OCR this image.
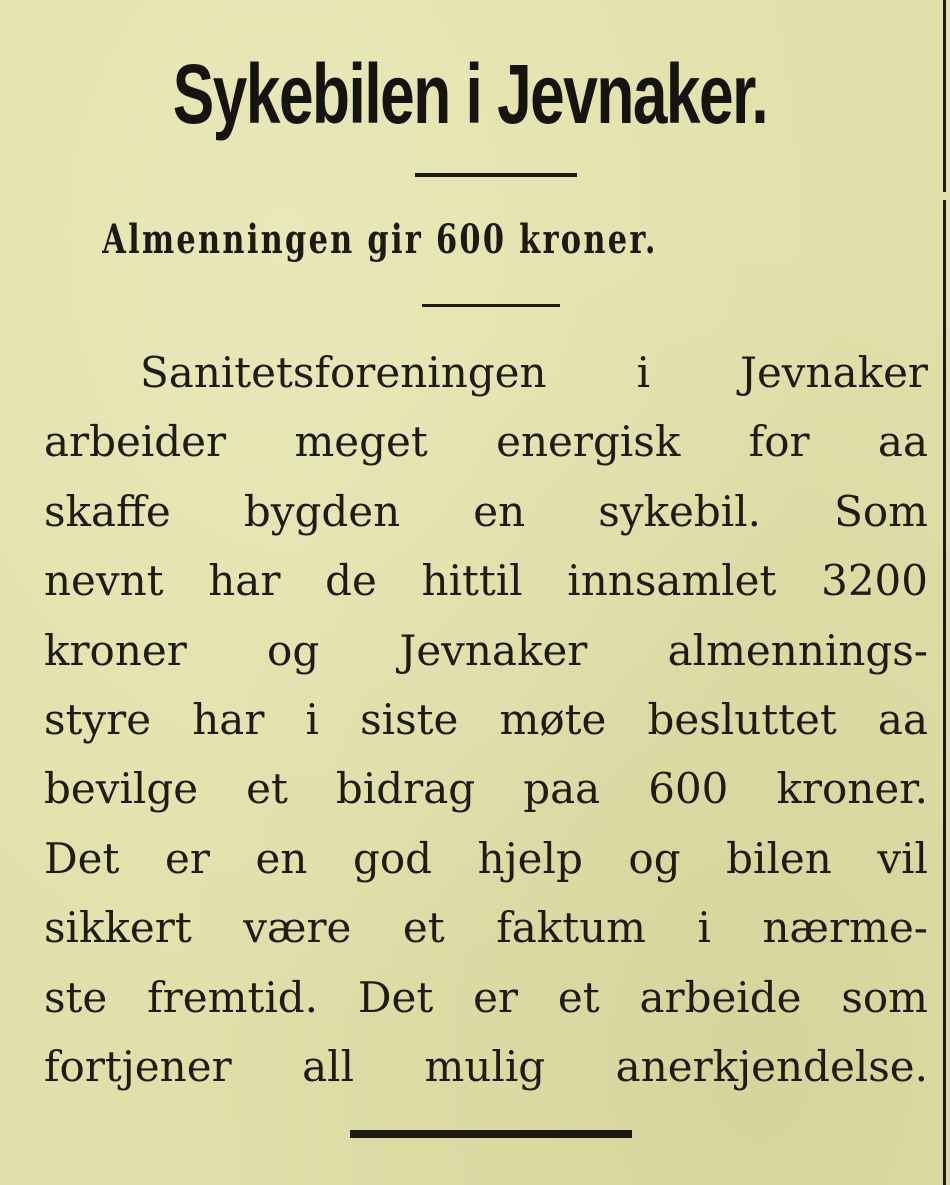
Sykebilen i Jevnaker.
Almenningen gir 600 kroner.
Sanitetsforeningen i Jevnaker
arbeider meget energisk for aa
skaffe bygden en sykebil. Som
nevnt har de hittil innsamlet 3200
kroner og Jevnaker almennings-
styre har i siste møte besluttet aa
bevilge et bidrag paa 600 kroner.
Det er en god hjelp og bilen vil
sikkert være et faktum i nærme-
ste fremtid. Det er et arbeide som
fortjener all mulig anerkjendelse.
